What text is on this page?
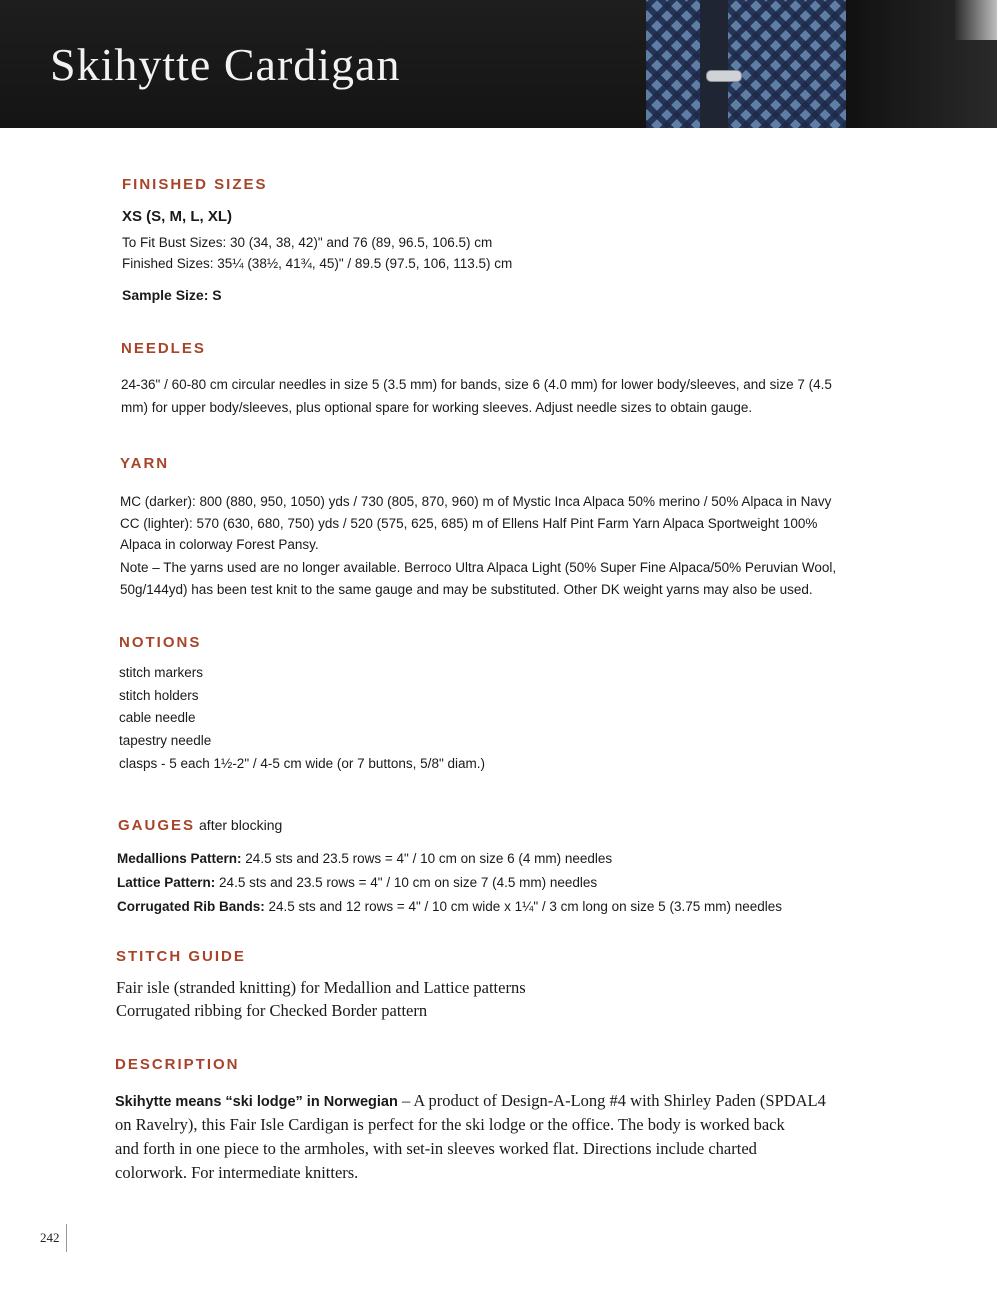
Skihytte Cardigan
FINISHED SIZES
XS (S, M, L, XL)
To Fit Bust Sizes: 30 (34, 38, 42)" and 76 (89, 96.5, 106.5) cm
Finished Sizes: 35¼ (38½, 41¾, 45)" / 89.5 (97.5, 106, 113.5) cm
Sample Size: S
NEEDLES
24-36" / 60-80 cm circular needles in size 5 (3.5 mm) for bands, size 6 (4.0 mm) for lower body/sleeves, and size 7 (4.5
mm) for upper body/sleeves, plus optional spare for working sleeves. Adjust needle sizes to obtain gauge.
YARN
MC (darker): 800 (880, 950, 1050) yds / 730 (805, 870, 960) m of Mystic Inca Alpaca 50% merino / 50% Alpaca in Navy
CC (lighter): 570 (630, 680, 750) yds / 520 (575, 625, 685) m of Ellens Half Pint Farm Yarn Alpaca Sportweight 100%
Alpaca in colorway Forest Pansy.
Note – The yarns used are no longer available. Berroco Ultra Alpaca Light (50% Super Fine Alpaca/50% Peruvian Wool,
50g/144yd) has been test knit to the same gauge and may be substituted. Other DK weight yarns may also be used.
NOTIONS
stitch markers
stitch holders
cable needle
tapestry needle
clasps - 5 each 1½-2" / 4-5 cm wide (or 7 buttons, 5/8" diam.)
GAUGES after blocking
Medallions Pattern: 24.5 sts and 23.5 rows = 4" / 10 cm on size 6 (4 mm) needles
Lattice Pattern: 24.5 sts and 23.5 rows = 4" / 10 cm on size 7 (4.5 mm) needles
Corrugated Rib Bands: 24.5 sts and 12 rows = 4" / 10 cm wide x 1¼" / 3 cm long on size 5 (3.75 mm) needles
STITCH GUIDE
Fair isle (stranded knitting) for Medallion and Lattice patterns
Corrugated ribbing for Checked Border pattern
DESCRIPTION
Skihytte means “ski lodge” in Norwegian – A product of Design-A-Long #4 with Shirley Paden (SPDAL4
on Ravelry), this Fair Isle Cardigan is perfect for the ski lodge or the office. The body is worked back
and forth in one piece to the armholes, with set-in sleeves worked flat. Directions include charted
colorwork. For intermediate knitters.
242
